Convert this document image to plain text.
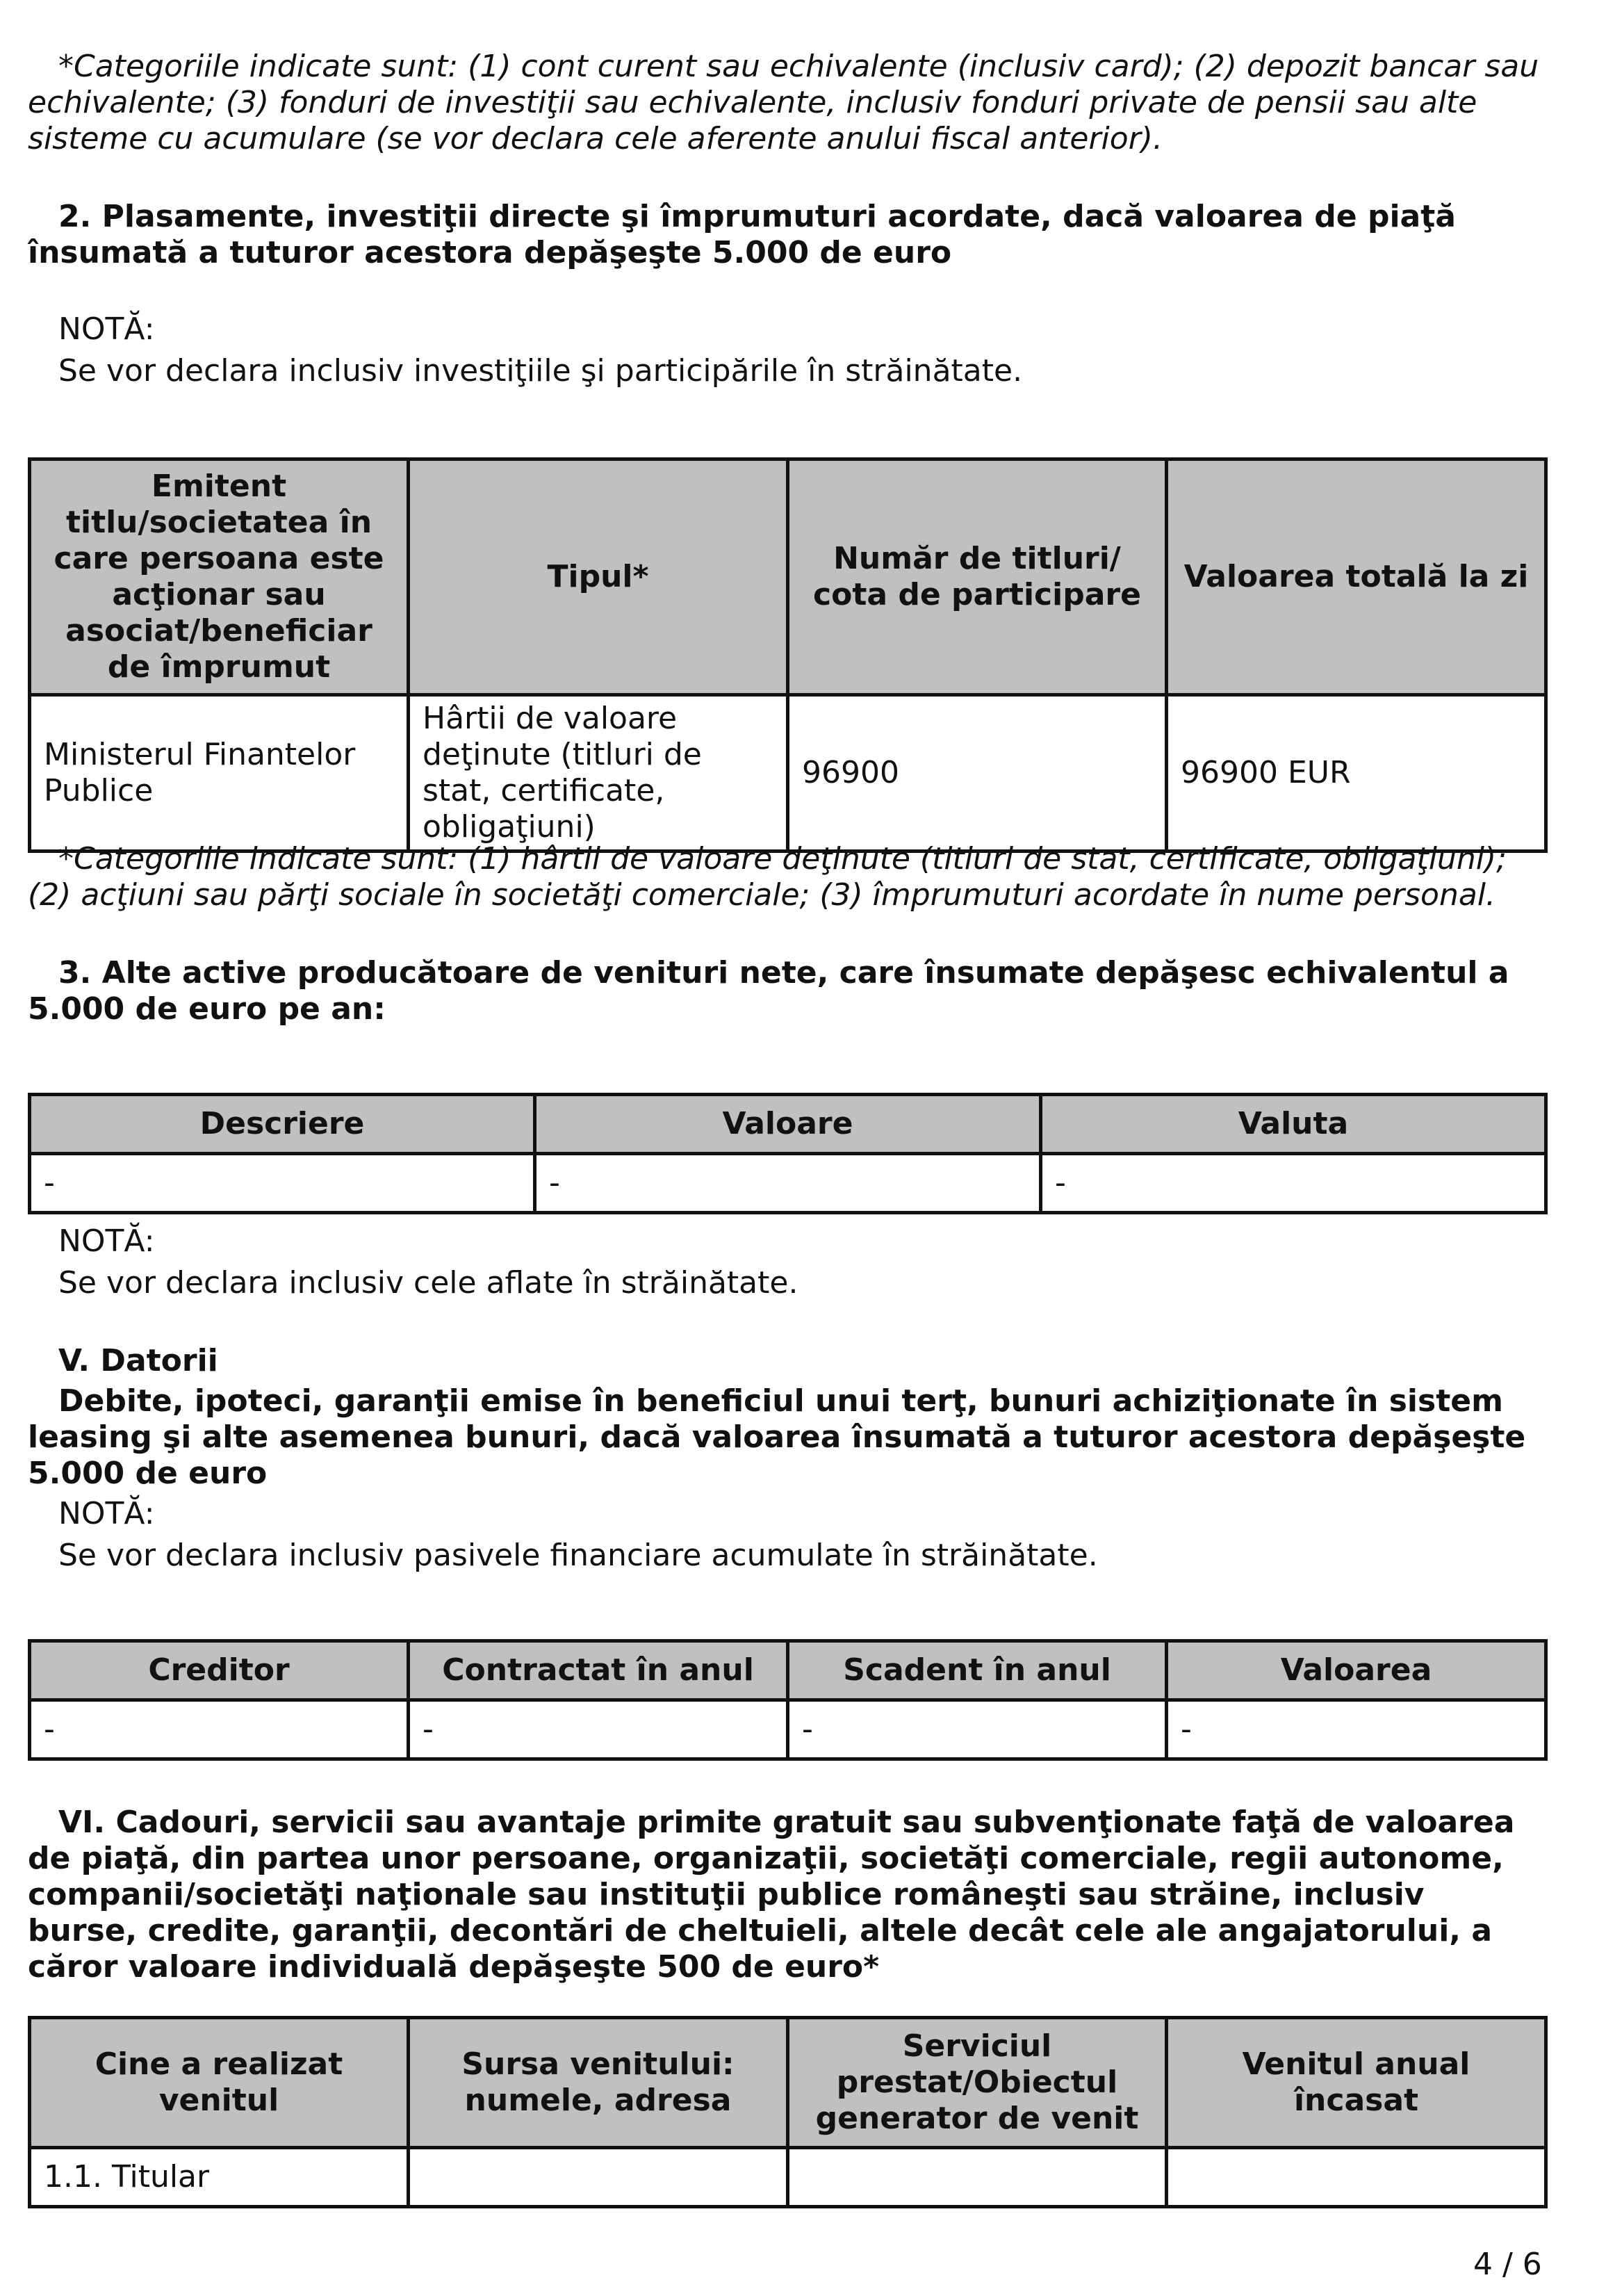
*Categoriile indicate sunt: (1) cont curent sau echivalente (inclusiv card); (2) depozit bancar sau echivalente; (3) fonduri de investiţii sau echivalente, inclusiv fonduri private de pensii sau alte sisteme cu acumulare (se vor declara cele aferente anului fiscal anterior).
2. Plasamente, investiţii directe şi împrumuturi acordate, dacă valoarea de piaţă însumată a tuturor acestora depăşeşte 5.000 de euro
NOTĂ:
Se vor declara inclusiv investiţiile şi participările în străinătate.
Emitent titlu/societatea în care persoana este acţionar sau asociat/beneficiar de împrumut	Tipul*	Număr de titluri/ cota de participare	Valoarea totală la zi
Ministerul Finantelor Publice	Hârtii de valoare deţinute (titluri de stat, certificate, obligaţiuni)	96900	96900 EUR
*Categoriile indicate sunt: (1) hârtii de valoare deţinute (titluri de stat, certificate, obligaţiuni); (2) acţiuni sau părţi sociale în societăţi comerciale; (3) împrumuturi acordate în nume personal.
3. Alte active producătoare de venituri nete, care însumate depăşesc echivalentul a 5.000 de euro pe an:
Descriere	Valoare	Valuta
-	-	-
NOTĂ:
Se vor declara inclusiv cele aflate în străinătate.
V. Datorii
Debite, ipoteci, garanţii emise în beneficiul unui terţ, bunuri achiziţionate în sistem leasing şi alte asemenea bunuri, dacă valoarea însumată a tuturor acestora depăşeşte 5.000 de euro
NOTĂ:
Se vor declara inclusiv pasivele financiare acumulate în străinătate.
Creditor	Contractat în anul	Scadent în anul	Valoarea
-	-	-	-
VI. Cadouri, servicii sau avantaje primite gratuit sau subvenţionate faţă de valoarea de piaţă, din partea unor persoane, organizaţii, societăţi comerciale, regii autonome, companii/societăţi naţionale sau instituţii publice româneşti sau străine, inclusiv burse, credite, garanţii, decontări de cheltuieli, altele decât cele ale angajatorului, a căror valoare individuală depăşeşte 500 de euro*
Cine a realizat venitul	Sursa venitului: numele, adresa	Serviciul prestat/Obiectul generator de venit	Venitul anual încasat
1.1. Titular			
4 / 6
